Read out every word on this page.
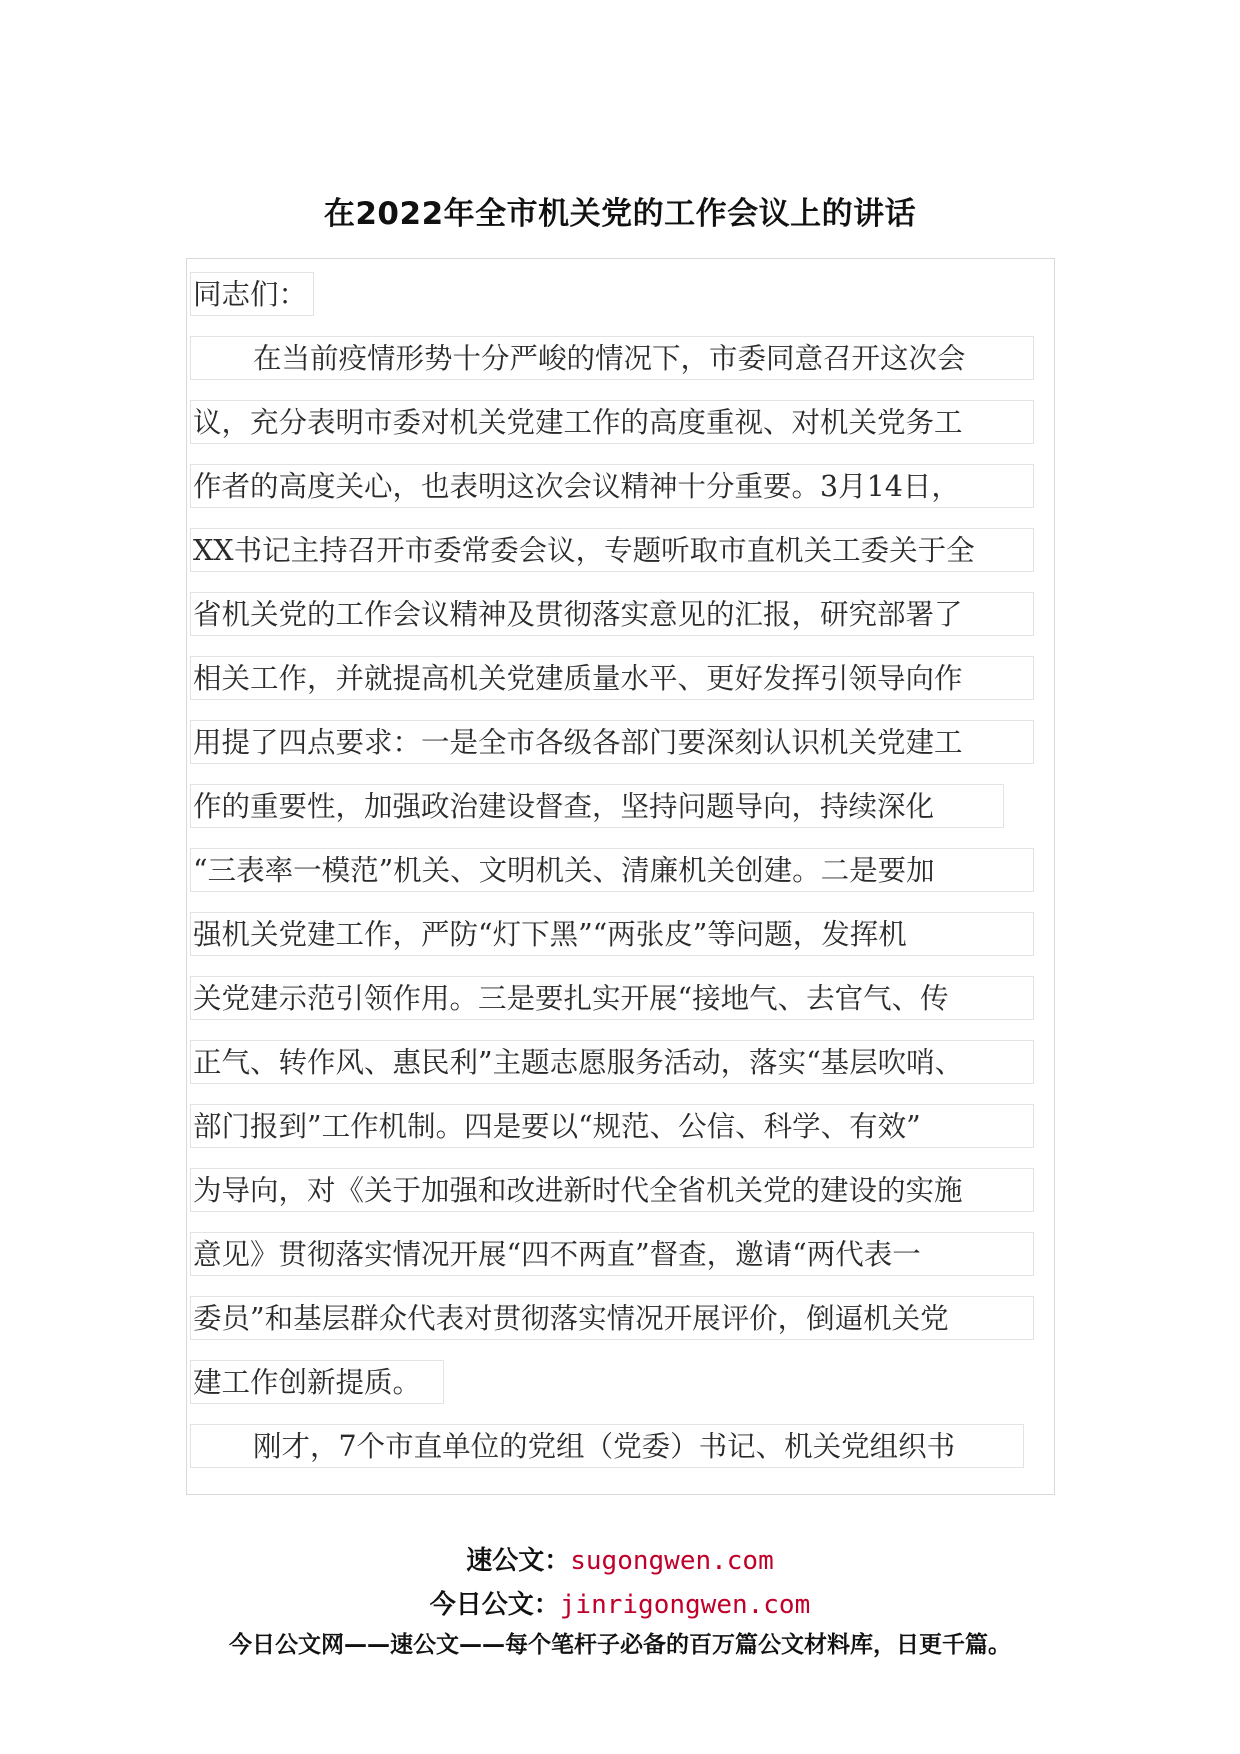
在2022年全市机关党的工作会议上的讲话
同志们：
在当前疫情形势十分严峻的情况下，市委同意召开这次会
议，充分表明市委对机关党建工作的高度重视、对机关党务工
作者的高度关心，也表明这次会议精神十分重要。3月14日，
XX书记主持召开市委常委会议，专题听取市直机关工委关于全
省机关党的工作会议精神及贯彻落实意见的汇报，研究部署了
相关工作，并就提高机关党建质量水平、更好发挥引领导向作
用提了四点要求：一是全市各级各部门要深刻认识机关党建工
作的重要性，加强政治建设督查，坚持问题导向，持续深化
“三表率一模范”机关、文明机关、清廉机关创建。二是要加
强机关党建工作，严防“灯下黑”“两张皮”等问题，发挥机
关党建示范引领作用。三是要扎实开展“接地气、去官气、传
正气、转作风、惠民利”主题志愿服务活动，落实“基层吹哨、
部门报到”工作机制。四是要以“规范、公信、科学、有效”
为导向，对《关于加强和改进新时代全省机关党的建设的实施
意见》贯彻落实情况开展“四不两直”督查，邀请“两代表一
委员”和基层群众代表对贯彻落实情况开展评价，倒逼机关党
建工作创新提质。
刚才，7个市直单位的党组（党委）书记、机关党组织书
速公文：sugongwen.com
今日公文：jinrigongwen.com
今日公文网——速公文——每个笔杆子必备的百万篇公文材料库，日更千篇。
